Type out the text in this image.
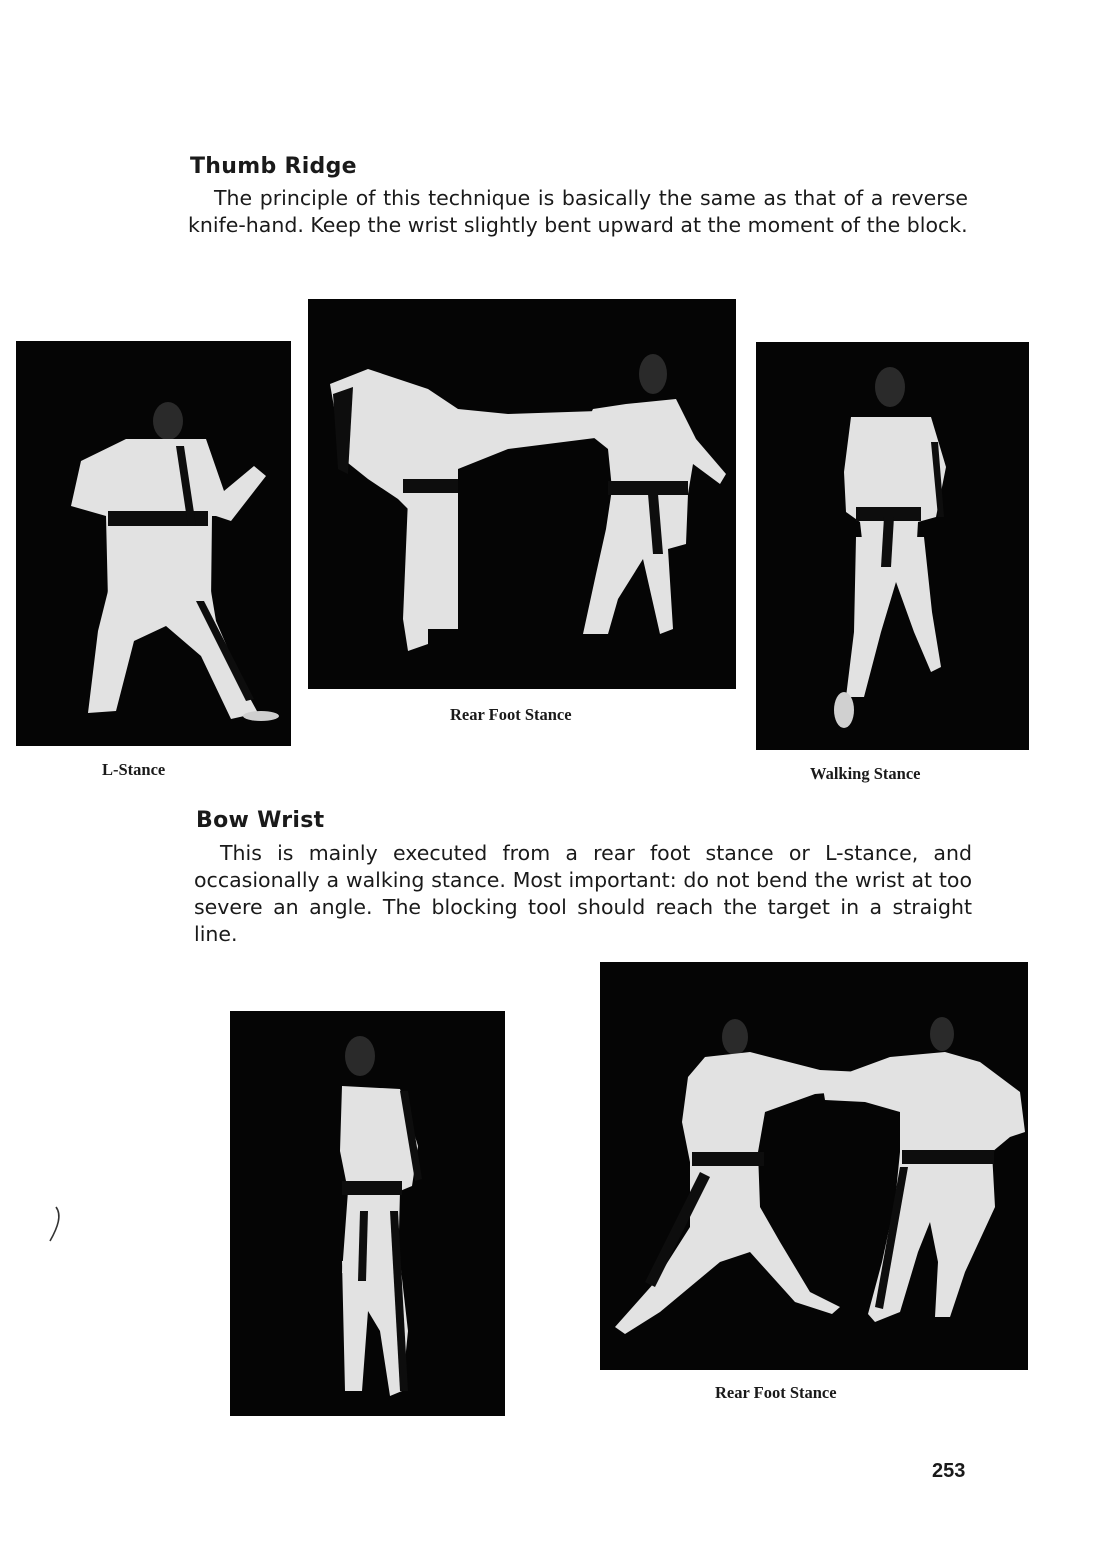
Thumb Ridge
The principle of this technique is basically the same as that of a reverse knife-hand. Keep the wrist slightly bent upward at the moment of the block.
Rear Foot Stance
L-Stance	Walking Stance
Bow Wrist
This is mainly executed from a rear foot stance or L-stance, and occasionally a walking stance. Most important: do not bend the wrist at too severe an angle. The blocking tool should reach the target in a straight line.
Rear Foot Stance
253
